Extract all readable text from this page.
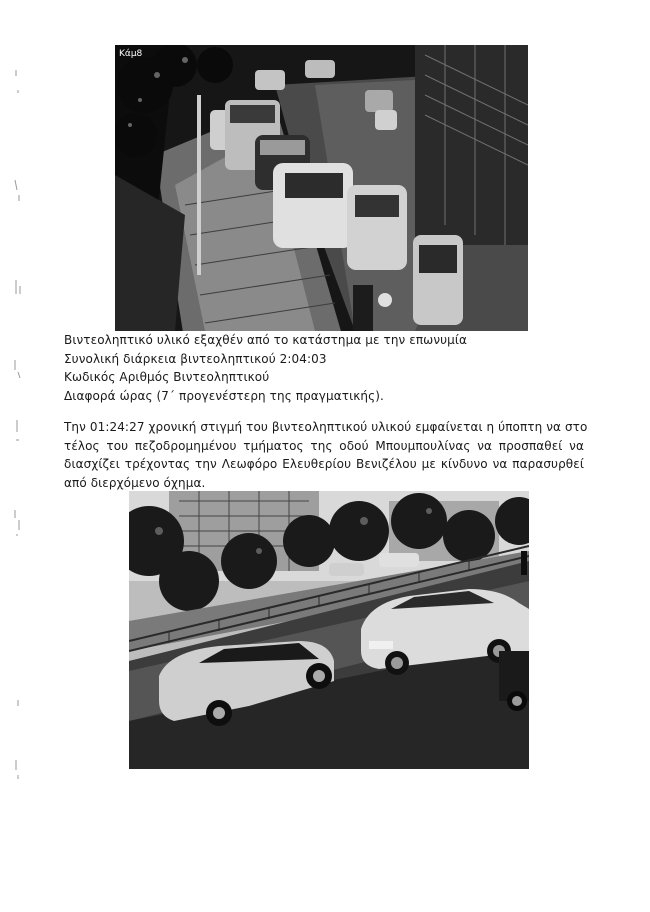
Κάμ8
Βιντεοληπτικό υλικό εξαχθέν από το κατάστημα με την επωνυμία
Συνολική διάρκεια βιντεοληπτικού 2:04:03
Κωδικός Αριθμός Βιντεοληπτικού
Διαφορά ώρας (7΄ προγενέστερη της πραγματικής).
Την 01:24:27 χρονική στιγμή του βιντεοληπτικού υλικού εμφαίνεται η ύποπτη να στο
τέλος του πεζοδρομημένου τμήματος της οδού Μπουμπουλίνας να προσπαθεί να
διασχίζει τρέχοντας την Λεωφόρο Ελευθερίου Βενιζέλου με κίνδυνο να παρασυρθεί
από διερχόμενο όχημα.
